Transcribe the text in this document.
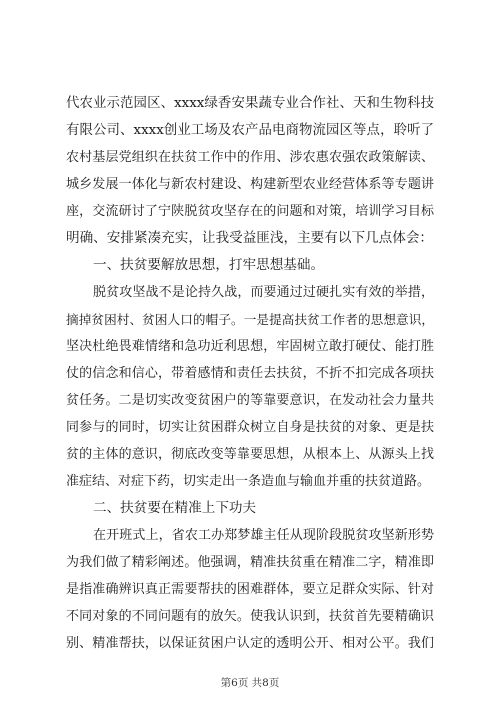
代农业示范园区、xxxx绿香安果蔬专业合作社、天和生物科技
有限公司、xxxx创业工场及农产品电商物流园区等点，聆听了
农村基层党组织在扶贫工作中的作用、涉农惠农强农政策解读、
城乡发展一体化与新农村建设、构建新型农业经营体系等专题讲
座，交流研讨了宁陕脱贫攻坚存在的问题和对策，培训学习目标
明确、安排紧凑充实，让我受益匪浅，主要有以下几点体会：
一、扶贫要解放思想，打牢思想基础。
脱贫攻坚战不是论持久战，而要通过过硬扎实有效的举措，
摘掉贫困村、贫困人口的帽子。一是提高扶贫工作者的思想意识，
坚决杜绝畏难情绪和急功近利思想，牢固树立敢打硬仗、能打胜
仗的信念和信心，带着感情和责任去扶贫，不折不扣完成各项扶
贫任务。二是切实改变贫困户的等靠要意识，在发动社会力量共
同参与的同时，切实让贫困群众树立自身是扶贫的对象、更是扶
贫的主体的意识，彻底改变等靠要思想，从根本上、从源头上找
准症结、对症下药，切实走出一条造血与输血并重的扶贫道路。
二、扶贫要在精准上下功夫
在开班式上，省农工办郑梦雄主任从现阶段脱贫攻坚新形势
为我们做了精彩阐述。他强调，精准扶贫重在精准二字，精准即
是指准确辨识真正需要帮扶的困难群体，要立足群众实际、针对
不同对象的不同问题有的放矢。使我认识到，扶贫首先要精确识
别、精准帮扶，以保证贫困户认定的透明公开、相对公平。我们
第6页 共8页
